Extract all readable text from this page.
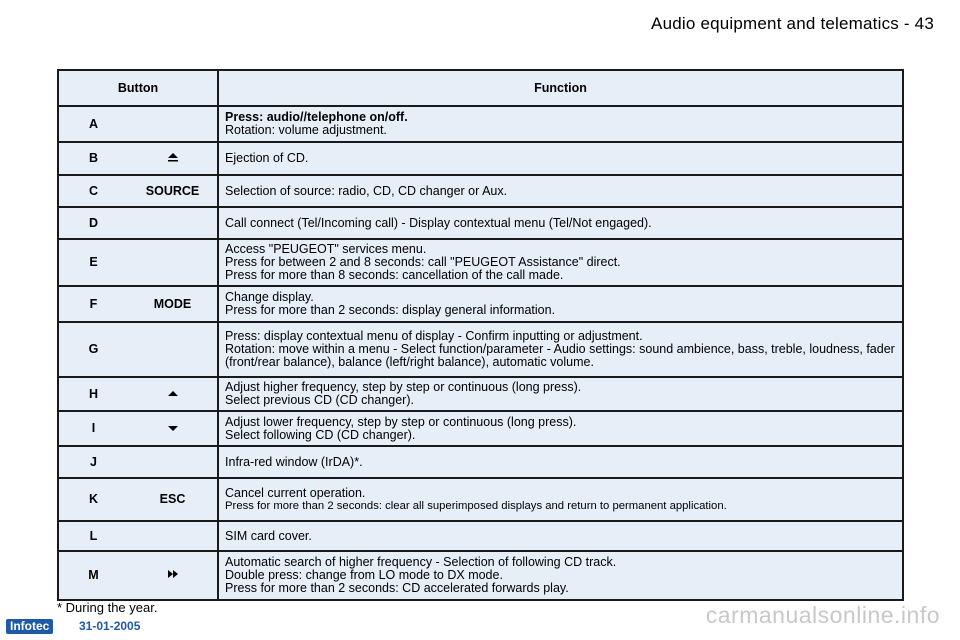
Audio equipment and telematics - 43
Button		Function
A		Press: audio//telephone on/off.
Rotation: volume adjustment.

B		Ejection of CD.

C	SOURCE	Selection of source: radio, CD, CD changer or Aux.

D		Call connect (Tel/Incoming call) - Display contextual menu (Tel/Not engaged).

E		Access "PEUGEOT" services menu.
Press for between 2 and 8 seconds: call "PEUGEOT Assistance" direct.
Press for more than 8 seconds: cancellation of the call made.

F	MODE	Change display.
Press for more than 2 seconds: display general information.

G		Press: display contextual menu of display - Confirm inputting or adjustment.
Rotation: move within a menu - Select function/parameter - Audio settings: sound ambience, bass, treble, loudness, fader (front/rear balance), balance (left/right balance), automatic volume.

H		Adjust higher frequency, step by step or continuous (long press).
Select previous CD (CD changer).

I		Adjust lower frequency, step by step or continuous (long press).
Select following CD (CD changer).

J		Infra-red window (IrDA)*.

K	ESC	Cancel current operation.
Press for more than 2 seconds: clear all superimposed displays and return to permanent application.

L		SIM card cover.

M		Automatic search of higher frequency - Selection of following CD track.
Double press: change from LO mode to DX mode.
Press for more than 2 seconds: CD accelerated forwards play.
* During the year.
Infotec	31-01-2005	carmanualsonline.info
